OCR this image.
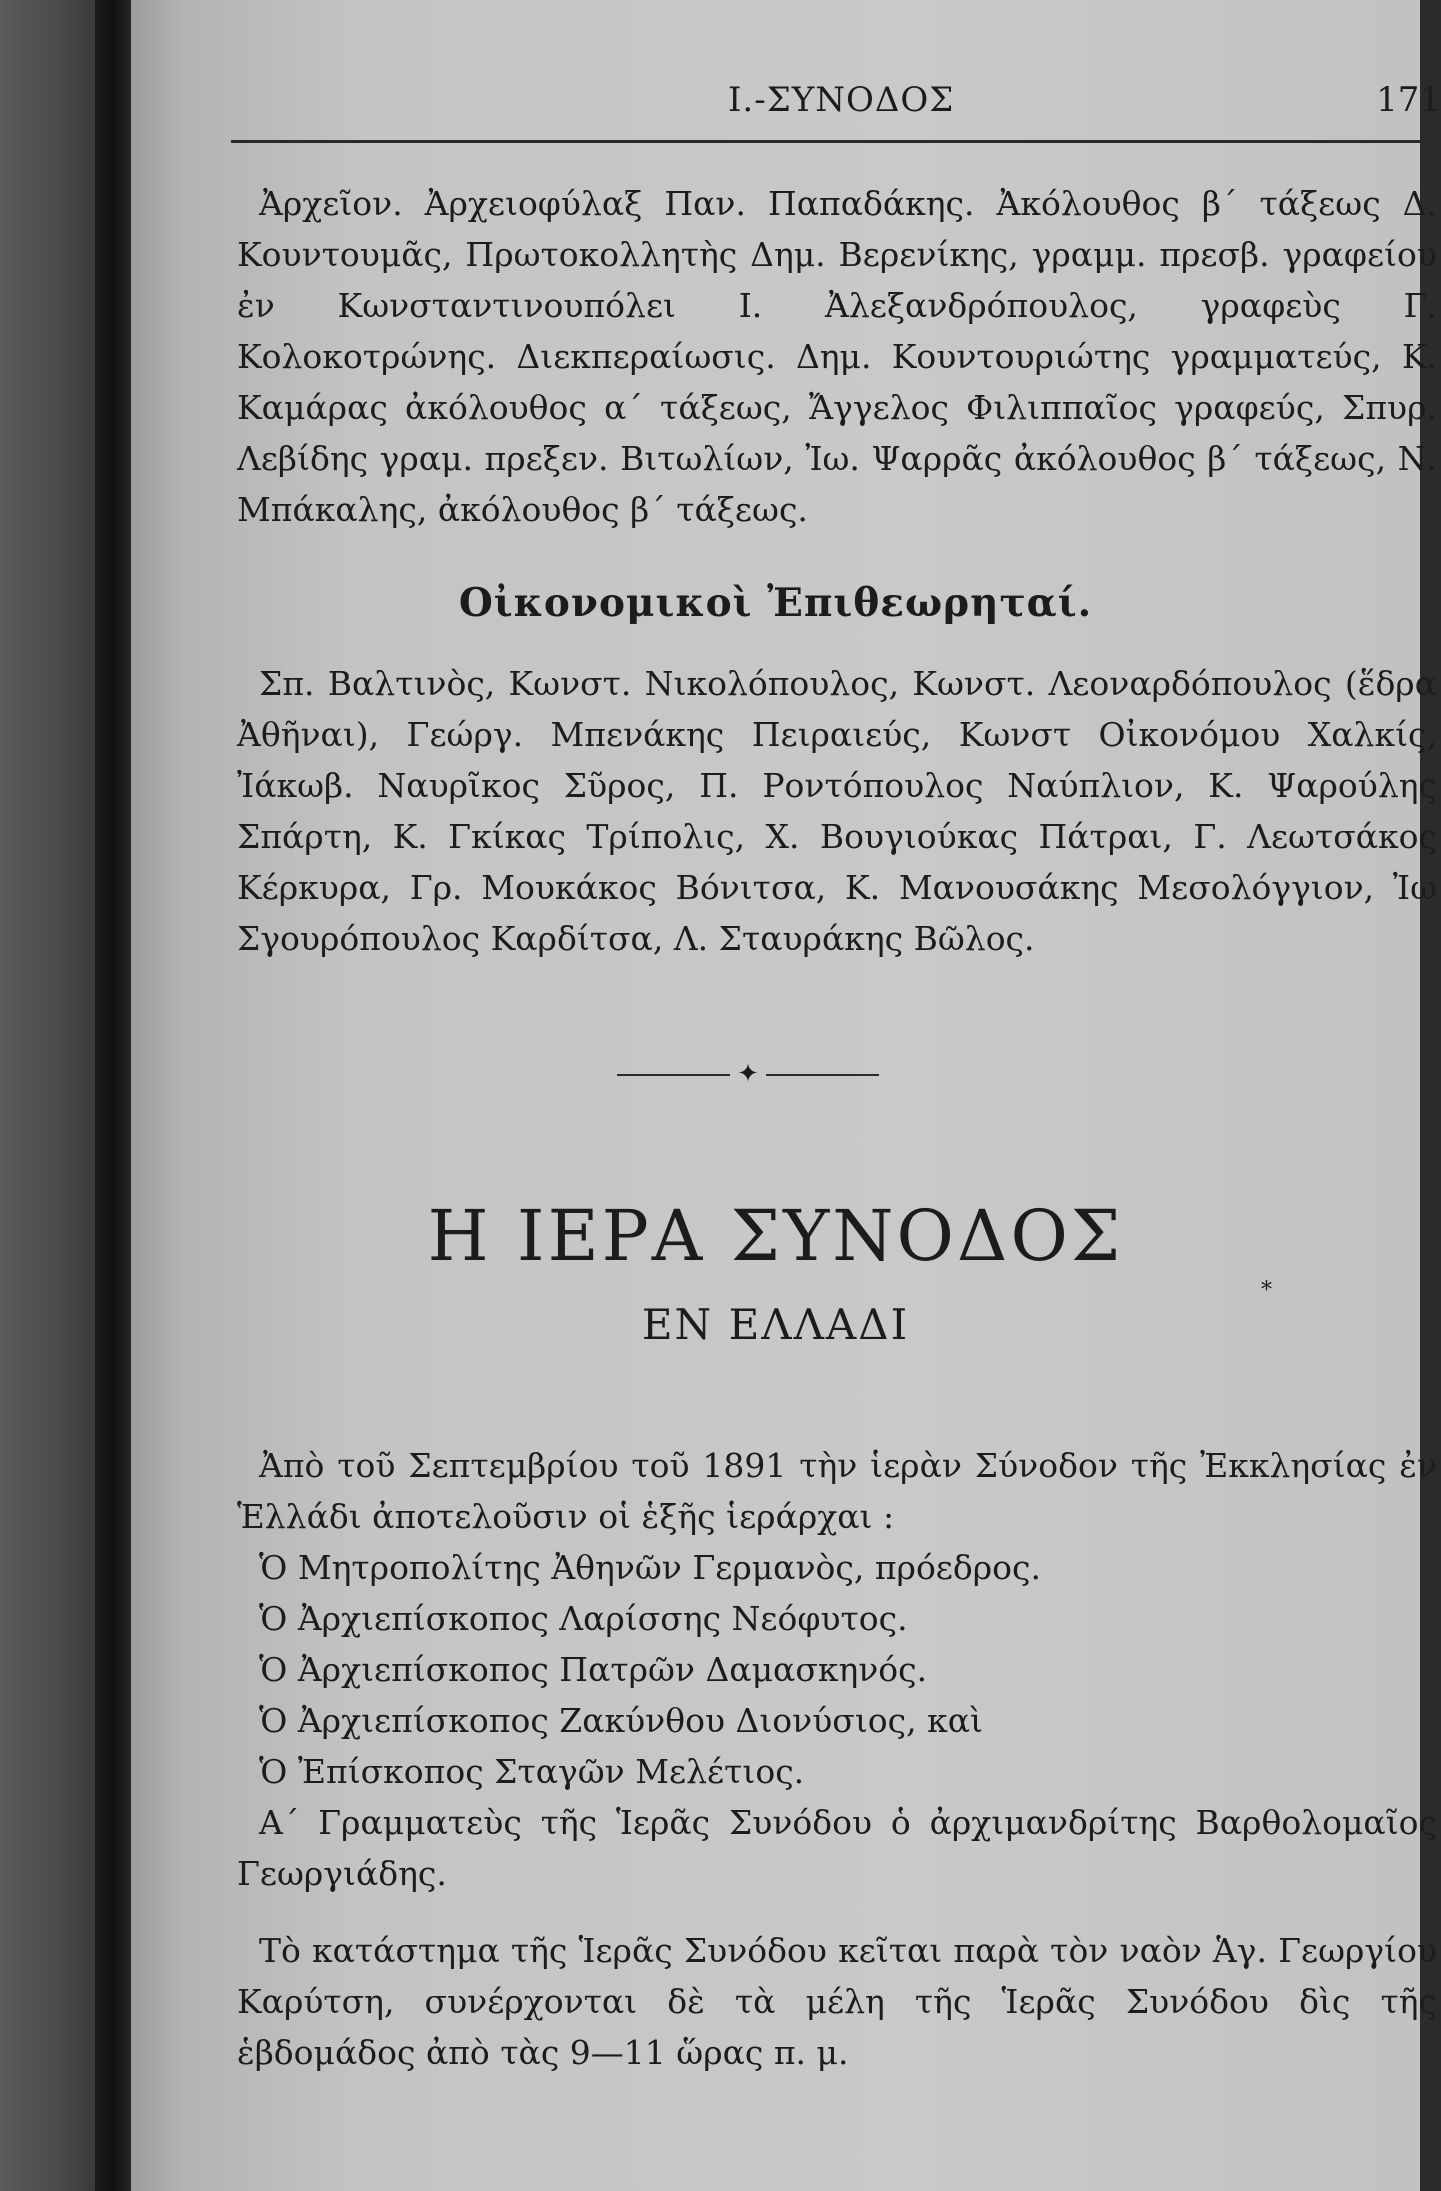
Ι.-ΣΥΝΟΔΟΣ	171

Ἀρχεῖον. Ἀρχειοφύλαξ Παν. Παπαδάκης. Ἀκόλουθος β΄ τάξεως Δ. Κουντουμᾶς, Πρωτοκολλητὴς Δημ. Βερενίκης, γραμμ. πρεσβ. γραφείου ἐν Κωνσταντινουπόλει Ι. Ἀλεξανδρόπουλος, γραφεὺς Γ. Κολοκοτρώνης. Διεκπεραίωσις. Δημ. Κουντουριώτης γραμματεύς, Κ. Καμάρας ἀκόλουθος α΄ τάξεως, Ἄγγελος Φιλιππαῖος γραφεύς, Σπυρ. Λεβίδης γραμ. πρεξεν. Βιτωλίων, Ἰω. Ψαρρᾶς ἀκόλουθος β΄ τάξεως, Ν. Μπάκαλης, ἀκόλουθος β΄ τάξεως.

Οἰκονομικοὶ Ἐπιθεωρηταί.

Σπ. Βαλτινὸς, Κωνστ. Νικολόπουλος, Κωνστ. Λεοναρδόπουλος (ἕδρα Ἀθῆναι), Γεώργ. Μπενάκης Πειραιεύς, Κωνστ Οἰκονόμου Χαλκίς, Ἰάκωβ. Ναυρῖκος Σῦρος, Π. Ροντόπουλος Ναύπλιον, Κ. Ψαρούλης Σπάρτη, Κ. Γκίκας Τρίπολις, Χ. Βουγιούκας Πάτραι, Γ. Λεωτσάκος Κέρκυρα, Γρ. Μουκάκος Βόνιτσα, Κ. Μανουσάκης Μεσολόγγιον, Ἰω Σγουρόπουλος Καρδίτσα, Λ. Σταυράκης Βῶλος.

✦
Η ΙΕΡΑ ΣΥΝΟΔΟΣ
ΕΝ ΕΛΛΑΔΙ
*

Ἀπὸ τοῦ Σεπτεμβρίου τοῦ 1891 τὴν ἱερὰν Σύνοδον τῆς Ἐκκλησίας ἐν Ἑλλάδι ἀποτελοῦσιν οἱ ἑξῆς ἱεράρχαι :

Ὁ Μητροπολίτης Ἀθηνῶν Γερμανὸς, πρόεδρος.
Ὁ Ἀρχιεπίσκοπος Λαρίσσης Νεόφυτος.
Ὁ Ἀρχιεπίσκοπος Πατρῶν Δαμασκηνός.
Ὁ Ἀρχιεπίσκοπος Ζακύνθου Διονύσιος, καὶ
Ὁ Ἐπίσκοπος Σταγῶν Μελέτιος.

Α΄ Γραμματεὺς τῆς Ἱερᾶς Συνόδου ὁ ἀρχιμανδρίτης Βαρθολομαῖος Γεωργιάδης.

Τὸ κατάστημα τῆς Ἱερᾶς Συνόδου κεῖται παρὰ τὸν ναὸν Ἁγ. Γεωργίου Καρύτση, συνέρχονται δὲ τὰ μέλη τῆς Ἱερᾶς Συνόδου δὶς τῆς ἑβδομάδος ἀπὸ τὰς 9—11 ὥρας π. μ.
